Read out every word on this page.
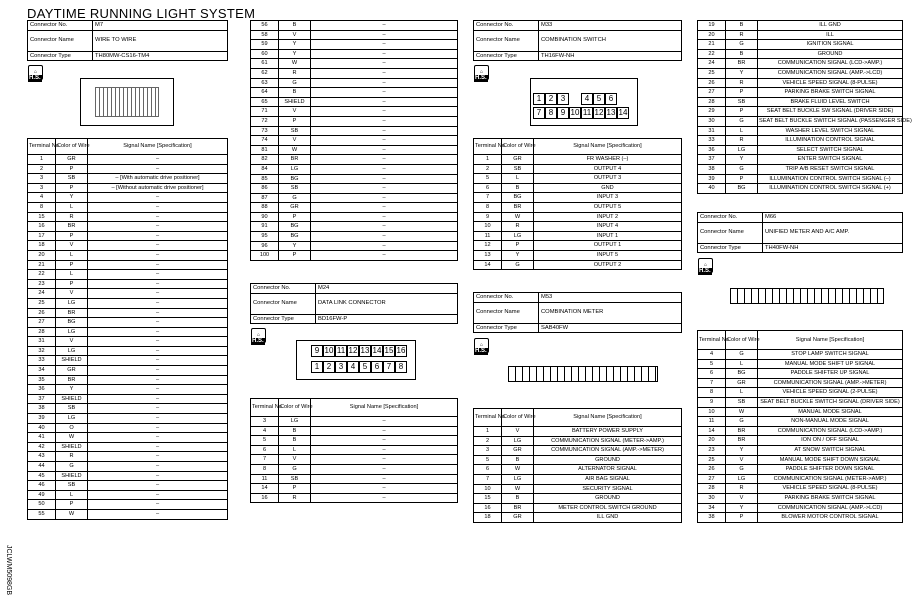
DAYTIME RUNNING LIGHT SYSTEM
JCLWM5098GB
Connector No.	M7
Connector Name	WIRE TO WIRE
Connector Type	TH80MW-CS16-TM4
⌂
H.S.
Terminal No.	Color of Wire	Signal Name [Specification]
1	GR	–
2	P	–
3	SB	– [With automatic drive positioner]
3	P	– [Without automatic drive positioner]
4	Y	–
8	L	–
15	R	–
16	BR	–
17	P	–
18	V	–
20	L	–
21	P	–
22	L	–
23	P	–
24	V	–
25	LG	–
26	BR	–
27	BG	–
28	LG	–
31	V	–
32	LG	–
33	SHIELD	–
34	GR	–
35	BR	–
36	Y	–
37	SHIELD	–
38	SB	–
39	LG	–
40	O	–
41	W	–
42	SHIELD	–
43	R	–
44	G	–
45	SHIELD	–
46	SB	–
49	L	–
50	P	–
55	W	–
56	B	–
58	V	–
59	Y	–
60	Y	–
61	W	–
62	R	–
63	G	–
64	B	–
65	SHIELD	–
71	V	–
72	P	–
73	SB	–
74	V	–
81	W	–
82	BR	–
84	LG	–
85	BG	–
86	SB	–
87	G	–
88	GR	–
90	P	–
91	BG	–
95	BG	–
96	Y	–
100	P	–
Connector No.	M24
Connector Name	DATA LINK CONNECTOR
Connector Type	BD16FW-P
⌂
H.S.
9 10 11 12 13 14 15 16
1 2 3 4 5 6 7 8
Terminal No.	Color of Wire	Signal Name [Specification]
3	LG	–
4	B	–
5	B	–
6	L	–
7	V	–
8	G	–
11	SB	–
14	P	–
16	R	–
Connector No.	M33
Connector Name	COMBINATION SWITCH
Connector Type	TH16FW-NH
⌂
H.S.
1 2 3	4 5 6
7 8 9 10 11 12 13 14
Terminal No.	Color of Wire	Signal Name [Specification]
1	GR	FR WASHER (–)
2	SB	OUTPUT 4
5	L	OUTPUT 3
6	B	GND
7	BG	INPUT 3
8	BR	OUTPUT 5
9	W	INPUT 2
10	R	INPUT 4
11	LG	INPUT 1
12	P	OUTPUT 1
13	Y	INPUT 5
14	G	OUTPUT 2
Connector No.	M53
Connector Name	COMBINATION METER
Connector Type	SAB40FW
⌂
H.S.
Terminal No.	Color of Wire	Signal Name [Specification]
1	V	BATTERY POWER SUPPLY
2	LG	COMMUNICATION SIGNAL (METER->AMP.)
3	GR	COMMUNICATION SIGNAL (AMP.->METER)
5	B	GROUND
6	W	ALTERNATOR SIGNAL
7	LG	AIR BAG SIGNAL
10	W	SECURITY SIGNAL
15	B	GROUND
16	BR	METER CONTROL SWITCH GROUND
18	GR	ILL GND
19	B	ILL GND
20	R	ILL
21	G	IGNITION SIGNAL
22	B	GROUND
24	BR	COMMUNICATION SIGNAL (LCD->AMP.)
25	Y	COMMUNICATION SIGNAL (AMP.->LCD)
26	R	VEHICLE SPEED SIGNAL (8-PULSE)
27	P	PARKING BRAKE SWITCH SIGNAL
28	SB	BRAKE FLUID LEVEL SWITCH
29	P	SEAT BELT BUCKLE SW SIGNAL (DRIVER SIDE)
30	G	SEAT BELT BUCKLE SWITCH SIGNAL (PASSENGER SIDE)
31	L	WASHER LEVEL SWITCH SIGNAL
33	R	ILLUMINATION CONTROL SIGNAL
36	LG	SELECT SWITCH SIGNAL
37	Y	ENTER SWITCH SIGNAL
38	G	TRIP A/B RESET SWITCH SIGNAL
39	P	ILLUMINATION CONTROL SWITCH SIGNAL (–)
40	BG	ILLUMINATION CONTROL SWITCH SIGNAL (+)
Connector No.	M66
Connector Name	UNIFIED METER AND A/C AMP.
Connector Type	TH40FW-NH
⌂
H.S.
Terminal No.	Color of Wire	Signal Name [Specification]
4	G	STOP LAMP SWITCH SIGNAL
5	L	MANUAL MODE SHIFT UP SIGNAL
6	BG	PADDLE SHIFTER UP SIGNAL
7	GR	COMMUNICATION SIGNAL (AMP.->METER)
8	L	VEHICLE SPEED SIGNAL (2-PULSE)
9	SB	SEAT BELT BUCKLE SWITCH SIGNAL (DRIVER SIDE)
10	W	MANUAL MODE SIGNAL
11	G	NON-MANUAL MODE SIGNAL
14	BR	COMMUNICATION SIGNAL (LCD->AMP.)
20	BR	ION ON / OFF SIGNAL
23	Y	AT SNOW SWITCH SIGNAL
25	V	MANUAL MODE SHIFT DOWN SIGNAL
26	G	PADDLE SHIFTER DOWN SIGNAL
27	LG	COMMUNICATION SIGNAL (METER->AMP.)
28	R	VEHICLE SPEED SIGNAL (8-PULSE)
30	V	PARKING BRAKE SWITCH SIGNAL
34	Y	COMMUNICATION SIGNAL (AMP.->LCD)
38	P	BLOWER MOTOR CONTROL SIGNAL
